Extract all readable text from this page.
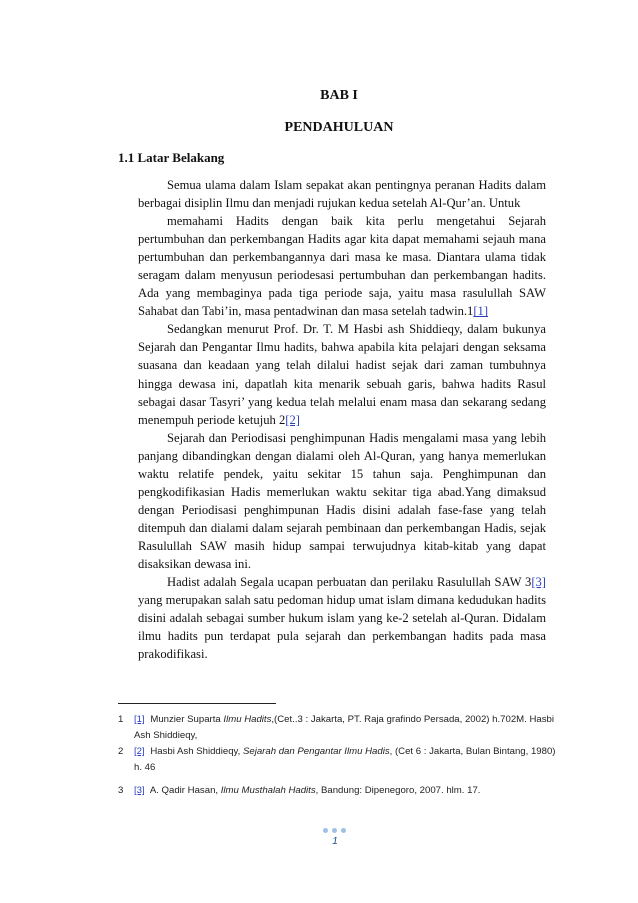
BAB I
PENDAHULUAN
1.1 Latar Belakang

Semua ulama dalam Islam sepakat akan pentingnya peranan Hadits dalam berbagai disiplin Ilmu dan menjadi rujukan kedua setelah Al-Qur’an. Untuk

memahami Hadits dengan baik kita perlu mengetahui Sejarah pertumbuhan dan perkembangan Hadits agar kita dapat memahami sejauh mana pertumbuhan dan perkembangannya dari masa ke masa. Diantara ulama tidak seragam dalam menyusun periodesasi pertumbuhan dan perkembangan hadits. Ada yang membaginya pada tiga periode saja, yaitu masa rasulullah SAW Sahabat dan Tabi’in, masa pentadwinan dan masa setelah tadwin.1[1]

Sedangkan menurut Prof. Dr. T. M Hasbi ash Shiddieqy, dalam bukunya Sejarah dan Pengantar Ilmu hadits, bahwa apabila kita pelajari dengan seksama suasana dan keadaan yang telah dilalui hadist sejak dari zaman tumbuhnya hingga dewasa ini, dapatlah kita menarik sebuah garis, bahwa hadits Rasul sebagai dasar Tasyri’ yang kedua telah melalui enam masa dan sekarang sedang menempuh periode ketujuh 2[2]

Sejarah dan Periodisasi penghimpunan Hadis mengalami masa yang lebih panjang dibandingkan dengan dialami oleh Al-Quran, yang hanya memerlukan waktu relatife pendek, yaitu sekitar 15 tahun saja. Penghimpunan dan pengkodifikasian Hadis memerlukan waktu sekitar tiga abad.Yang dimaksud dengan Periodisasi penghimpunan Hadis disini adalah fase-fase yang telah ditempuh dan dialami dalam sejarah pembinaan dan perkembangan Hadis, sejak Rasulullah SAW masih hidup sampai terwujudnya kitab-kitab yang dapat disaksikan dewasa ini.

Hadist adalah Segala ucapan perbuatan dan perilaku Rasulullah SAW 3[3] yang merupakan salah satu pedoman hidup umat islam dimana kedudukan hadits disini adalah sebagai sumber hukum islam yang ke-2 setelah al-Quran. Didalam ilmu hadits pun terdapat pula sejarah dan perkembangan hadits pada masa prakodifikasi.

1 [1] Munzier Suparta Ilmu Hadits,(Cet..3 : Jakarta, PT. Raja grafindo Persada, 2002) h.702M. Hasbi Ash Shiddieqy,

2 [2] Hasbi Ash Shiddieqy, Sejarah dan Pengantar Ilmu Hadis, (Cet 6 : Jakarta, Bulan Bintang, 1980) h. 46

3 [3] A. Qadir Hasan, Ilmu Musthalah Hadits, Bandung: Dipenegoro, 2007. hlm. 17.

1
